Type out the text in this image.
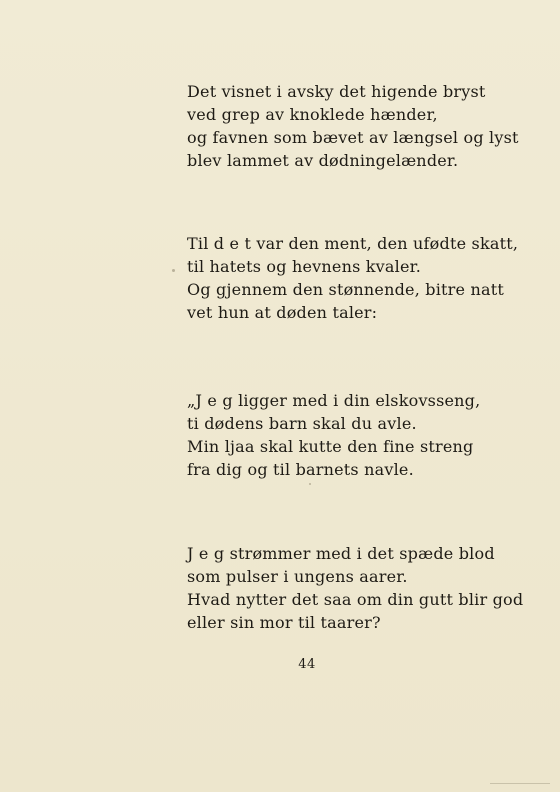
Det visnet i avsky det higende bryst
ved grep av knoklede hænder,
og favnen som bævet av længsel og lyst
blev lammet av dødningelænder.
Til d e t var den ment, den ufødte skatt,
til hatets og hevnens kvaler.
Og gjennem den stønnende, bitre natt
vet hun at døden taler:
„J e g ligger med i din elskovsseng,
ti dødens barn skal du avle.
Min ljaa skal kutte den fine streng
fra dig og til barnets navle.
J e g strømmer med i det spæde blod
som pulser i ungens aarer.
Hvad nytter det saa om din gutt blir god
eller sin mor til taarer?
44
